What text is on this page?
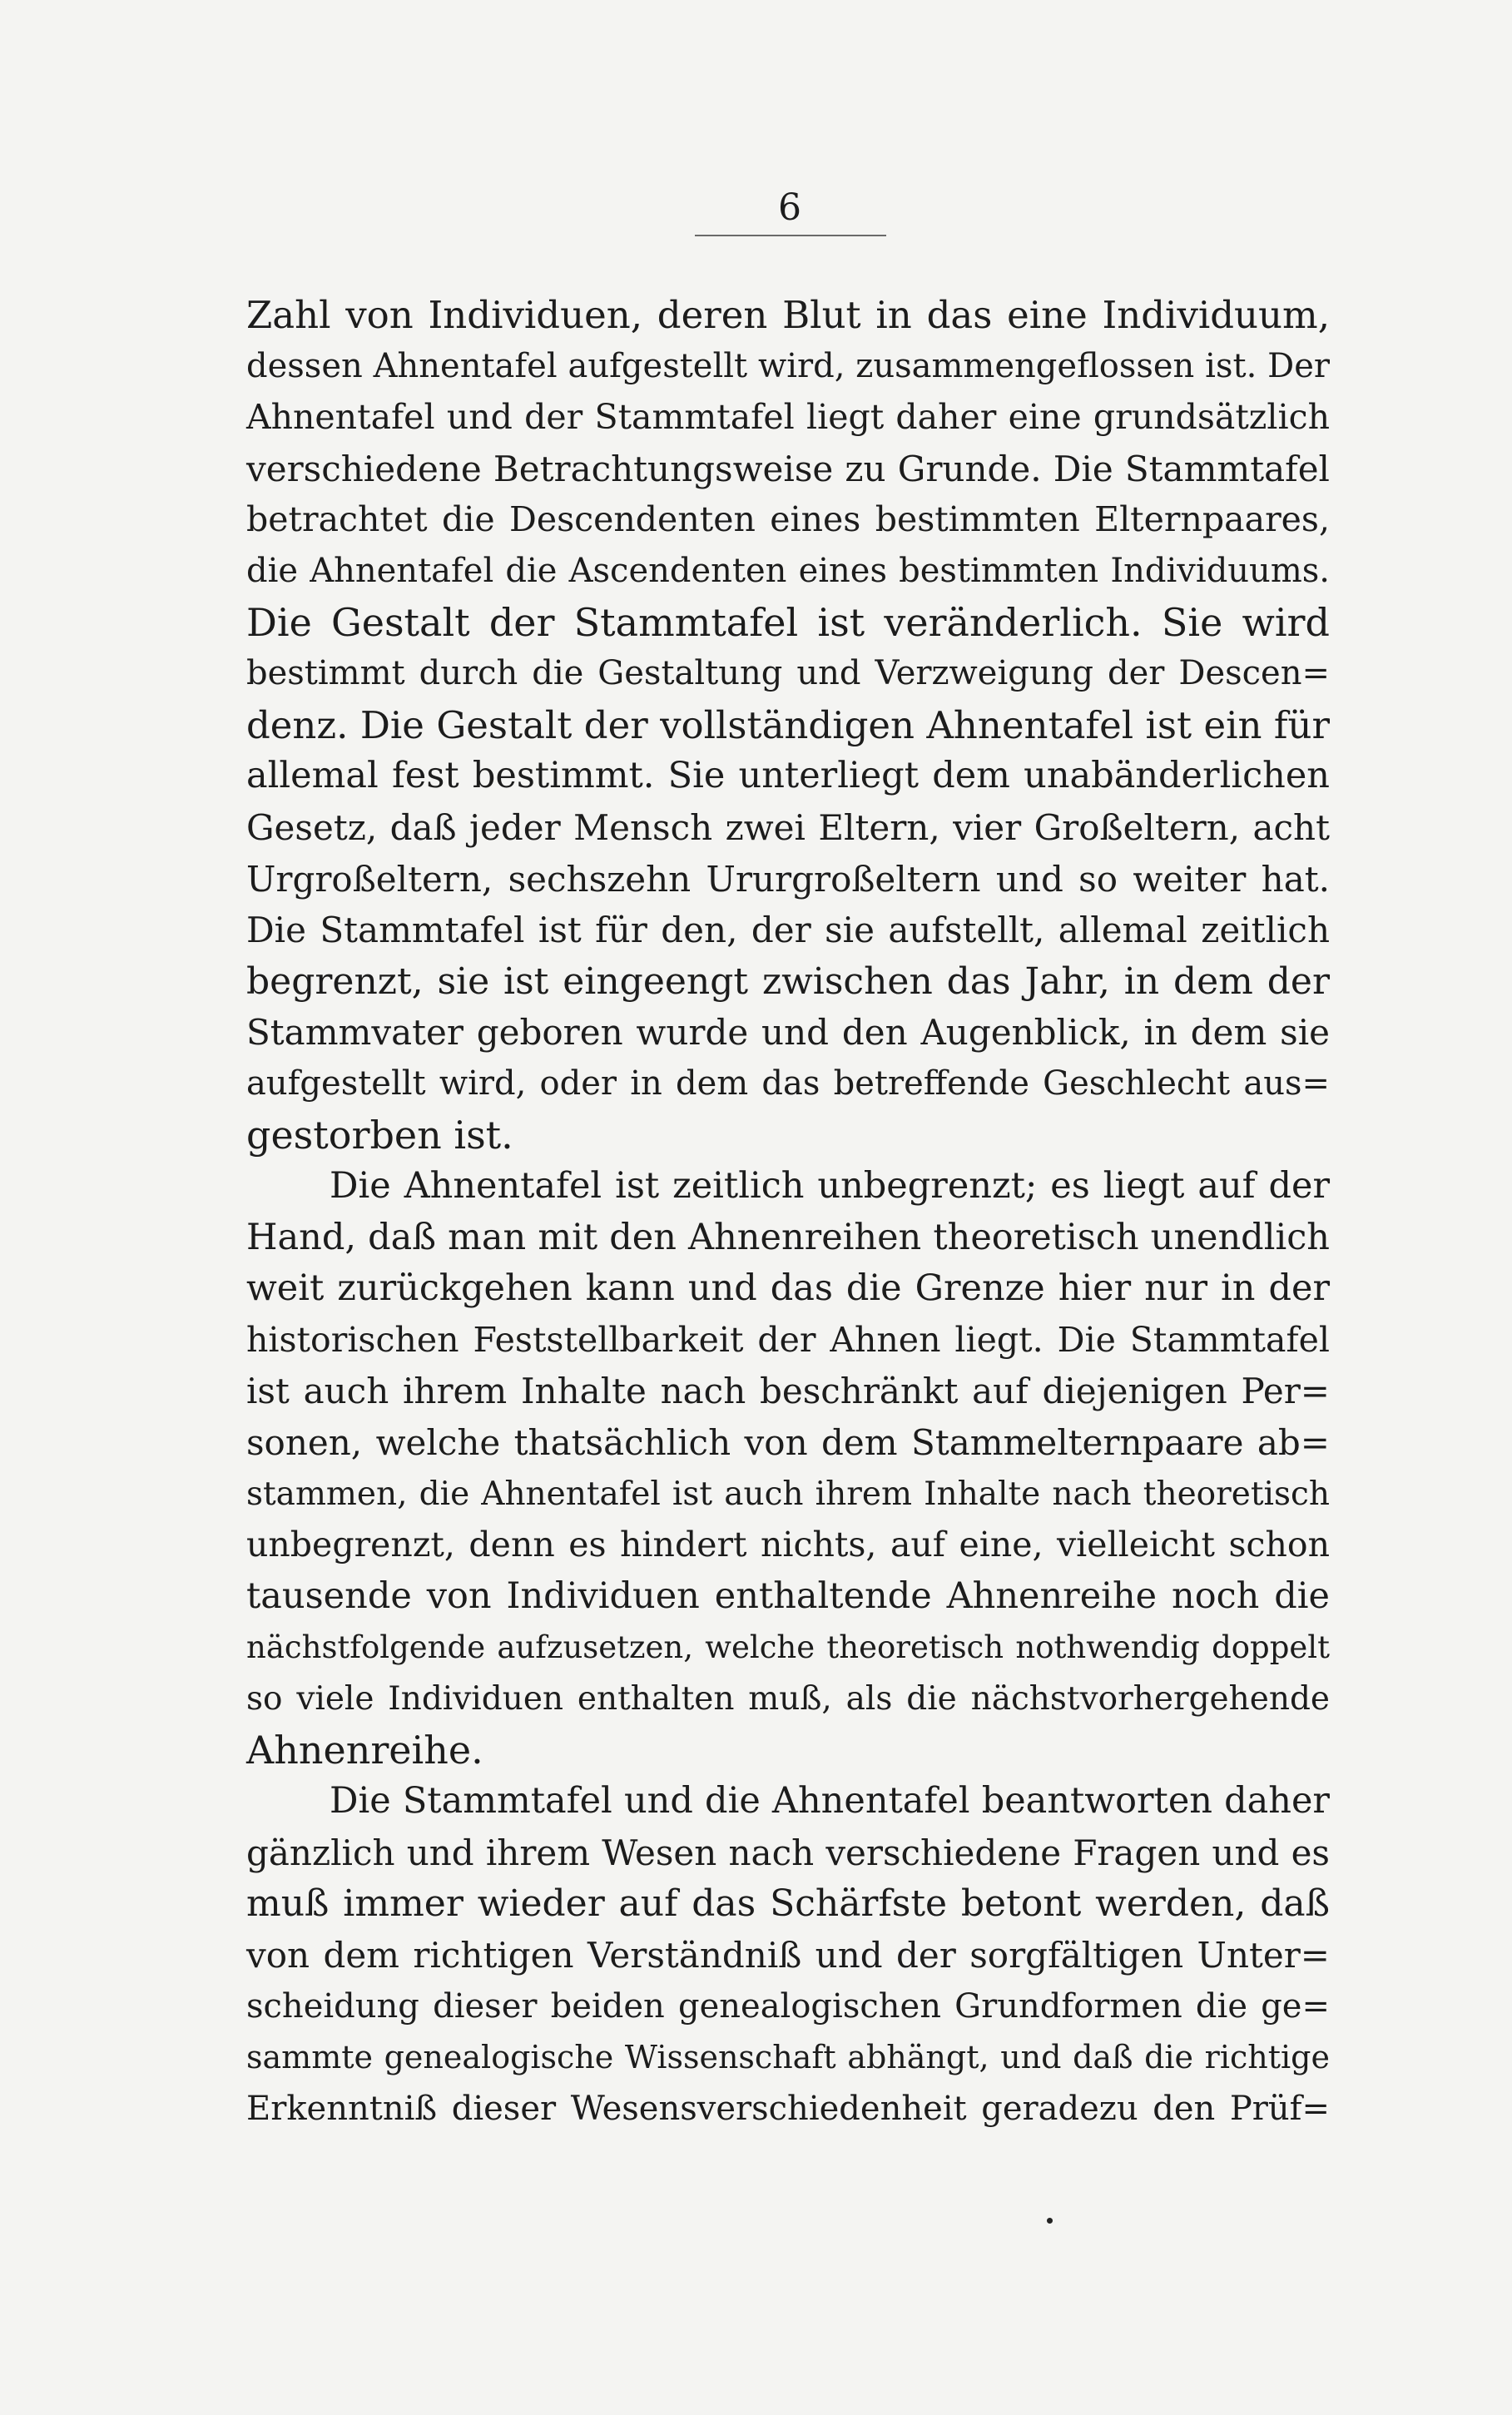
6
Zahl von Individuen, deren Blut in das eine Individuum,
dessen Ahnentafel aufgestellt wird, zusammengeflossen ist. Der
Ahnentafel und der Stammtafel liegt daher eine grundsätzlich
verschiedene Betrachtungsweise zu Grunde. Die Stammtafel
betrachtet die Descendenten eines bestimmten Elternpaares,
die Ahnentafel die Ascendenten eines bestimmten Individuums.
Die Gestalt der Stammtafel ist veränderlich. Sie wird
bestimmt durch die Gestaltung und Verzweigung der Descen=
denz. Die Gestalt der vollständigen Ahnentafel ist ein für
allemal fest bestimmt. Sie unterliegt dem unabänderlichen
Gesetz, daß jeder Mensch zwei Eltern, vier Großeltern, acht
Urgroßeltern, sechszehn Ururgroßeltern und so weiter hat.
Die Stammtafel ist für den, der sie aufstellt, allemal zeitlich
begrenzt, sie ist eingeengt zwischen das Jahr, in dem der
Stammvater geboren wurde und den Augenblick, in dem sie
aufgestellt wird, oder in dem das betreffende Geschlecht aus=
gestorben ist.
Die Ahnentafel ist zeitlich unbegrenzt; es liegt auf der
Hand, daß man mit den Ahnenreihen theoretisch unendlich
weit zurückgehen kann und das die Grenze hier nur in der
historischen Feststellbarkeit der Ahnen liegt. Die Stammtafel
ist auch ihrem Inhalte nach beschränkt auf diejenigen Per=
sonen, welche thatsächlich von dem Stammelternpaare ab=
stammen, die Ahnentafel ist auch ihrem Inhalte nach theoretisch
unbegrenzt, denn es hindert nichts, auf eine, vielleicht schon
tausende von Individuen enthaltende Ahnenreihe noch die
nächstfolgende aufzusetzen, welche theoretisch nothwendig doppelt
so viele Individuen enthalten muß, als die nächstvorhergehende
Ahnenreihe.
Die Stammtafel und die Ahnentafel beantworten daher
gänzlich und ihrem Wesen nach verschiedene Fragen und es
muß immer wieder auf das Schärfste betont werden, daß
von dem richtigen Verständniß und der sorgfältigen Unter=
scheidung dieser beiden genealogischen Grundformen die ge=
sammte genealogische Wissenschaft abhängt, und daß die richtige
Erkenntniß dieser Wesensverschiedenheit geradezu den Prüf=
